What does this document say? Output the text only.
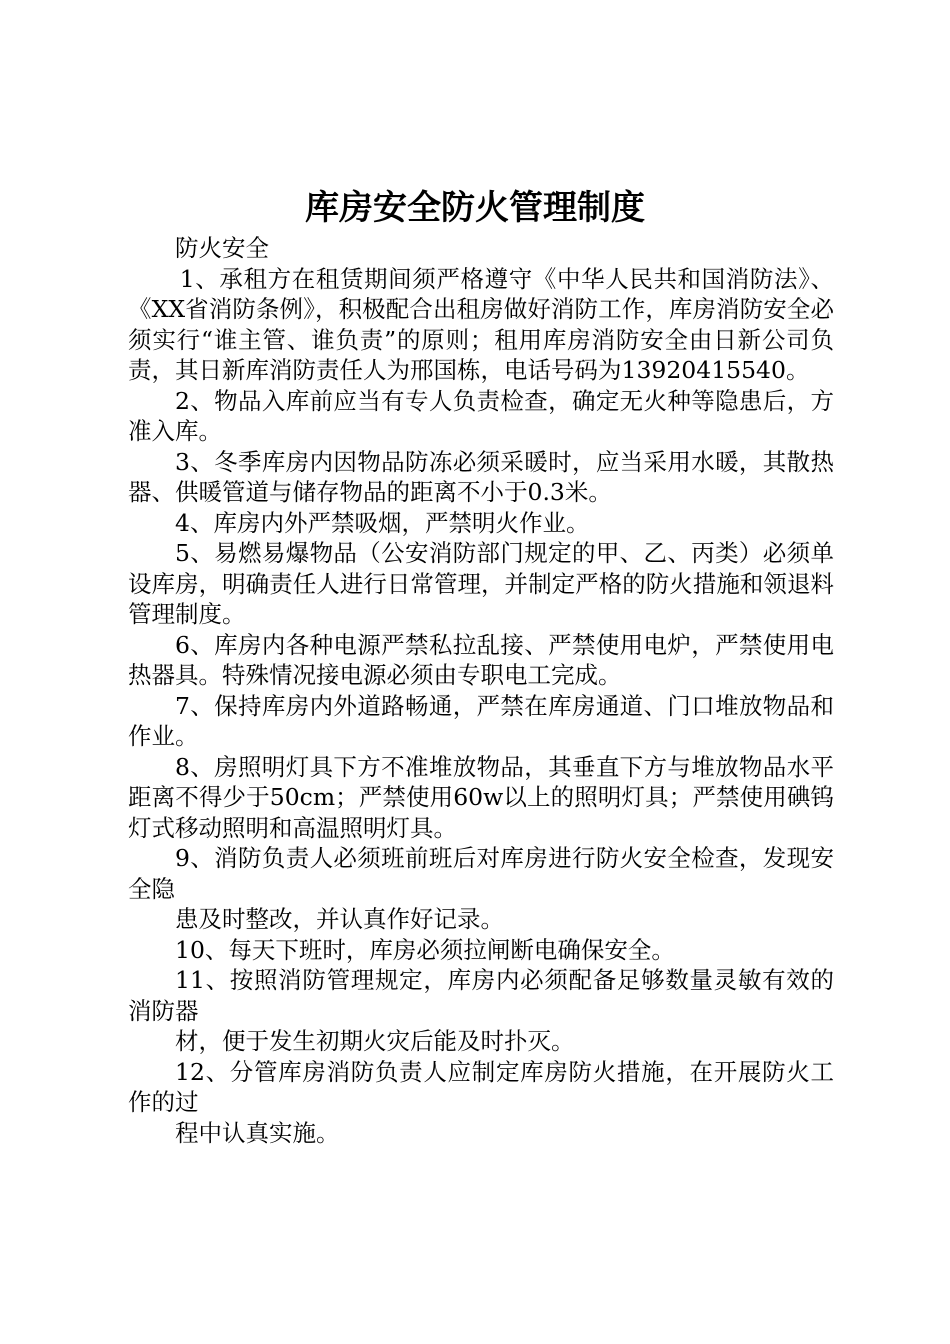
库房安全防火管理制度

防火安全

1、承租方在租赁期间须严格遵守《中华人民共和国消防法》、《XX省消防条例》，积极配合出租房做好消防工作，库房消防安全必须实行“谁主管、谁负责”的原则；租用库房消防安全由日新公司负责，其日新库消防责任人为邢国栋，电话号码为13920415540。

2、物品入库前应当有专人负责检查，确定无火种等隐患后，方准入库。

3、冬季库房内因物品防冻必须采暖时，应当采用水暖，其散热器、供暖管道与储存物品的距离不小于0.3米。

4、库房内外严禁吸烟，严禁明火作业。

5、易燃易爆物品（公安消防部门规定的甲、乙、丙类）必须单设库房，明确责任人进行日常管理，并制定严格的防火措施和领退料管理制度。

6、库房内各种电源严禁私拉乱接、严禁使用电炉，严禁使用电热器具。特殊情况接电源必须由专职电工完成。

7、保持库房内外道路畅通，严禁在库房通道、门口堆放物品和作业。

8、房照明灯具下方不准堆放物品，其垂直下方与堆放物品水平距离不得少于50cm；严禁使用60w以上的照明灯具；严禁使用碘钨灯式移动照明和高温照明灯具。

9、消防负责人必须班前班后对库房进行防火安全检查，发现安全隐

患及时整改，并认真作好记录。

10、每天下班时，库房必须拉闸断电确保安全。

11、按照消防管理规定，库房内必须配备足够数量灵敏有效的消防器

材，便于发生初期火灾后能及时扑灭。

12、分管库房消防负责人应制定库房防火措施，在开展防火工作的过

程中认真实施。
